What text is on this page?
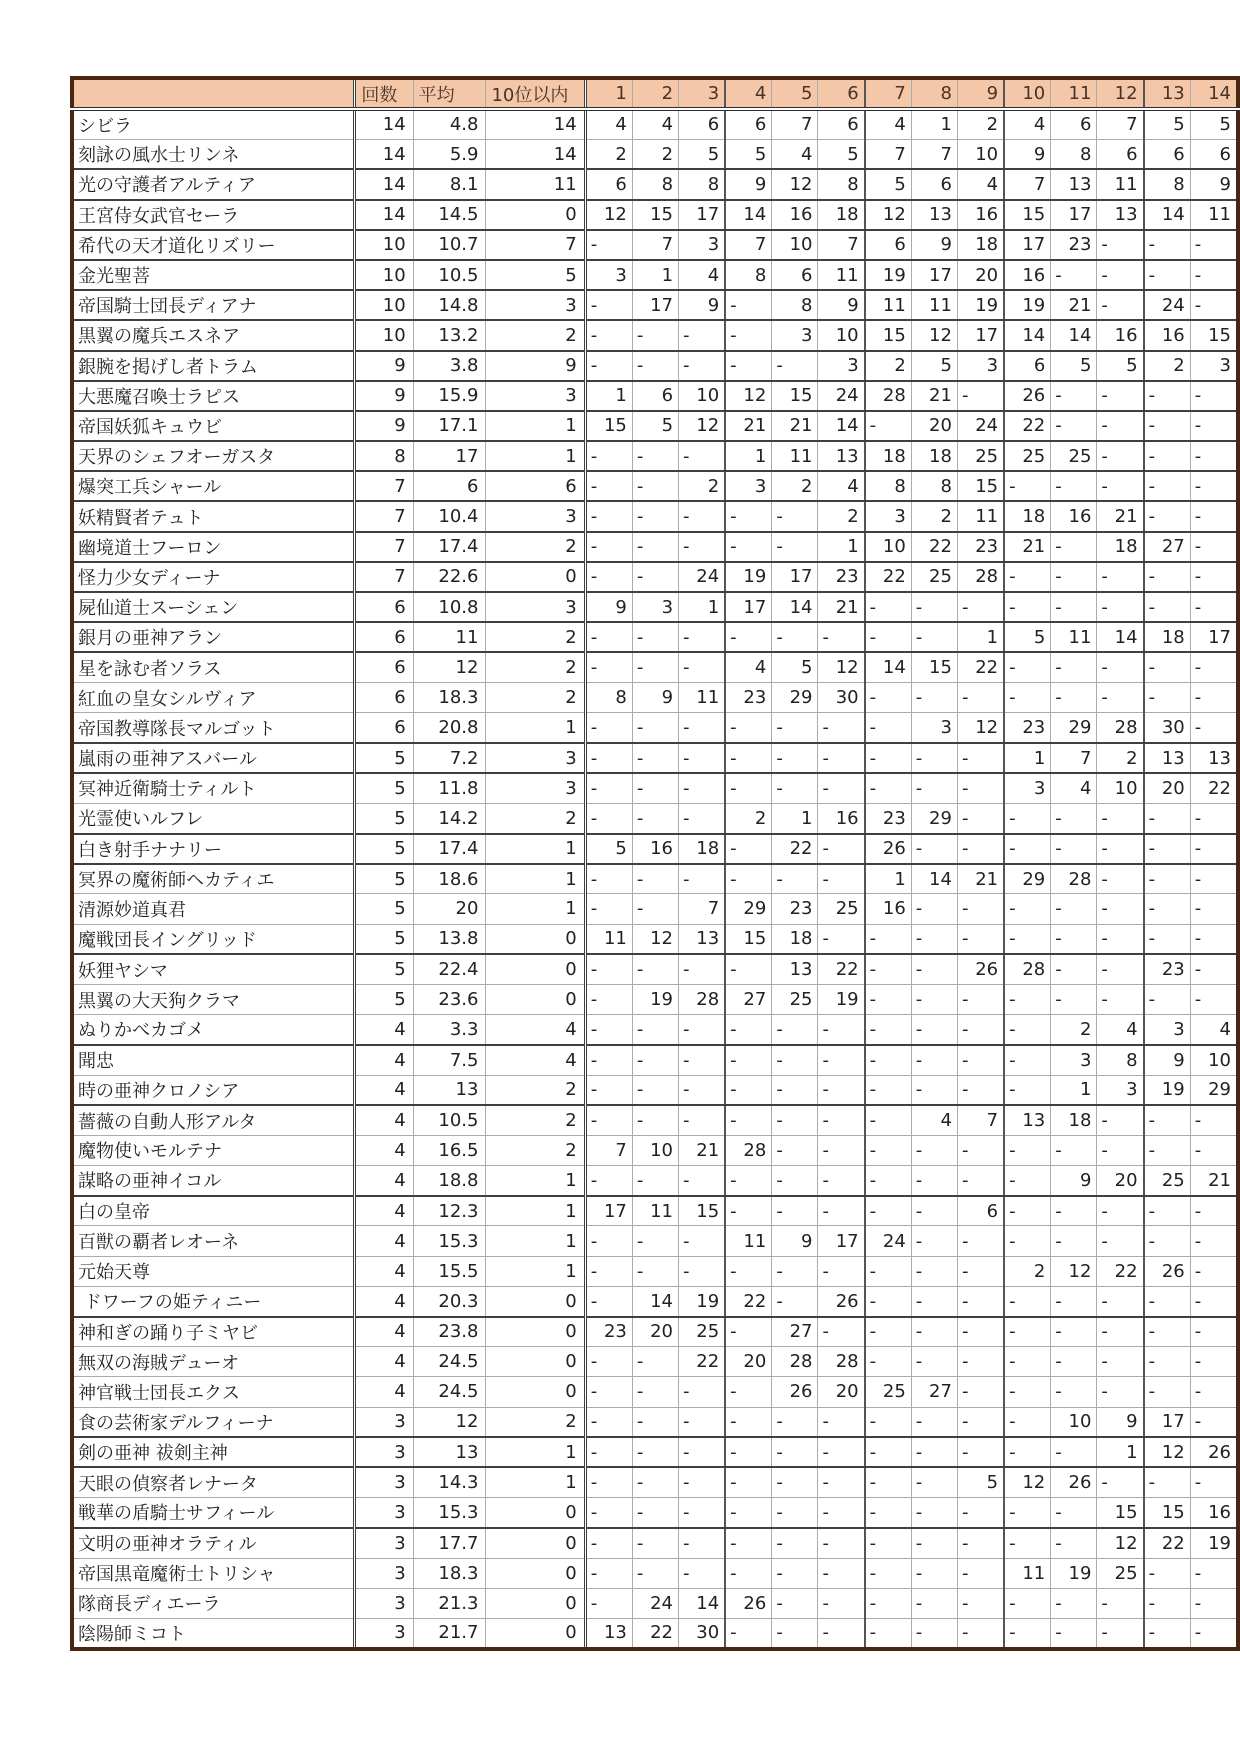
	回数	平均	10位以内	1	2	3	4	5	6	7	8	9	10	11	12	13	14
シビラ	14	4.8	14	4	4	6	6	7	6	4	1	2	4	6	7	5	5
刻詠の風水士リンネ	14	5.9	14	2	2	5	5	4	5	7	7	10	9	8	6	6	6
光の守護者アルティア	14	8.1	11	6	8	8	9	12	8	5	6	4	7	13	11	8	9
王宮侍女武官セーラ	14	14.5	0	12	15	17	14	16	18	12	13	16	15	17	13	14	11
希代の天才道化リズリー	10	10.7	7	-	7	3	7	10	7	6	9	18	17	23	-	-	-
金光聖菩	10	10.5	5	3	1	4	8	6	11	19	17	20	16	-	-	-	-
帝国騎士団長ディアナ	10	14.8	3	-	17	9	-	8	9	11	11	19	19	21	-	24	-
黒翼の魔兵エスネア	10	13.2	2	-	-	-	-	3	10	15	12	17	14	14	16	16	15
銀腕を掲げし者トラム	9	3.8	9	-	-	-	-	-	3	2	5	3	6	5	5	2	3
大悪魔召喚士ラピス	9	15.9	3	1	6	10	12	15	24	28	21	-	26	-	-	-	-
帝国妖狐キュウビ	9	17.1	1	15	5	12	21	21	14	-	20	24	22	-	-	-	-
天界のシェフオーガスタ	8	17	1	-	-	-	1	11	13	18	18	25	25	25	-	-	-
爆突工兵シャール	7	6	6	-	-	2	3	2	4	8	8	15	-	-	-	-	-
妖精賢者テュト	7	10.4	3	-	-	-	-	-	2	3	2	11	18	16	21	-	-
幽境道士フーロン	7	17.4	2	-	-	-	-	-	1	10	22	23	21	-	18	27	-
怪力少女ディーナ	7	22.6	0	-	-	24	19	17	23	22	25	28	-	-	-	-	-
屍仙道士スーシェン	6	10.8	3	9	3	1	17	14	21	-	-	-	-	-	-	-	-
銀月の亜神アラン	6	11	2	-	-	-	-	-	-	-	-	1	5	11	14	18	17
星を詠む者ソラス	6	12	2	-	-	-	4	5	12	14	15	22	-	-	-	-	-
紅血の皇女シルヴィア	6	18.3	2	8	9	11	23	29	30	-	-	-	-	-	-	-	-
帝国教導隊長マルゴット	6	20.8	1	-	-	-	-	-	-	-	3	12	23	29	28	30	-
嵐雨の亜神アスバール	5	7.2	3	-	-	-	-	-	-	-	-	-	1	7	2	13	13
冥神近衛騎士ティルト	5	11.8	3	-	-	-	-	-	-	-	-	-	3	4	10	20	22
光霊使いルフレ	5	14.2	2	-	-	-	2	1	16	23	29	-	-	-	-	-	-
白き射手ナナリー	5	17.4	1	5	16	18	-	22	-	26	-	-	-	-	-	-	-
冥界の魔術師ヘカティエ	5	18.6	1	-	-	-	-	-	-	1	14	21	29	28	-	-	-
清源妙道真君	5	20	1	-	-	7	29	23	25	16	-	-	-	-	-	-	-
魔戦団長イングリッド	5	13.8	0	11	12	13	15	18	-	-	-	-	-	-	-	-	-
妖狸ヤシマ	5	22.4	0	-	-	-	-	13	22	-	-	26	28	-	-	23	-
黒翼の大天狗クラマ	5	23.6	0	-	19	28	27	25	19	-	-	-	-	-	-	-	-
ぬりかべカゴメ	4	3.3	4	-	-	-	-	-	-	-	-	-	-	2	4	3	4
聞忠	4	7.5	4	-	-	-	-	-	-	-	-	-	-	3	8	9	10
時の亜神クロノシア	4	13	2	-	-	-	-	-	-	-	-	-	-	1	3	19	29
薔薇の自動人形アルタ	4	10.5	2	-	-	-	-	-	-	-	4	7	13	18	-	-	-
魔物使いモルテナ	4	16.5	2	7	10	21	28	-	-	-	-	-	-	-	-	-	-
謀略の亜神イコル	4	18.8	1	-	-	-	-	-	-	-	-	-	-	9	20	25	21
白の皇帝	4	12.3	1	17	11	15	-	-	-	-	-	6	-	-	-	-	-
百獣の覇者レオーネ	4	15.3	1	-	-	-	11	9	17	24	-	-	-	-	-	-	-
元始天尊	4	15.5	1	-	-	-	-	-	-	-	-	-	2	12	22	26	-
ドワーフの姫ティニー	4	20.3	0	-	14	19	22	-	26	-	-	-	-	-	-	-	-
神和ぎの踊り子ミヤビ	4	23.8	0	23	20	25	-	27	-	-	-	-	-	-	-	-	-
無双の海賊デューオ	4	24.5	0	-	-	22	20	28	28	-	-	-	-	-	-	-	-
神官戦士団長エクス	4	24.5	0	-	-	-	-	26	20	25	27	-	-	-	-	-	-
食の芸術家デルフィーナ	3	12	2	-	-	-	-	-	-	-	-	-	-	10	9	17	-
剣の亜神 祓剣主神	3	13	1	-	-	-	-	-	-	-	-	-	-	-	1	12	26
天眼の偵察者レナータ	3	14.3	1	-	-	-	-	-	-	-	-	5	12	26	-	-	-
戦華の盾騎士サフィール	3	15.3	0	-	-	-	-	-	-	-	-	-	-	-	15	15	16
文明の亜神オラティル	3	17.7	0	-	-	-	-	-	-	-	-	-	-	-	12	22	19
帝国黒竜魔術士トリシャ	3	18.3	0	-	-	-	-	-	-	-	-	-	11	19	25	-	-
隊商長ディエーラ	3	21.3	0	-	24	14	26	-	-	-	-	-	-	-	-	-	-
陰陽師ミコト	3	21.7	0	13	22	30	-	-	-	-	-	-	-	-	-	-	-
